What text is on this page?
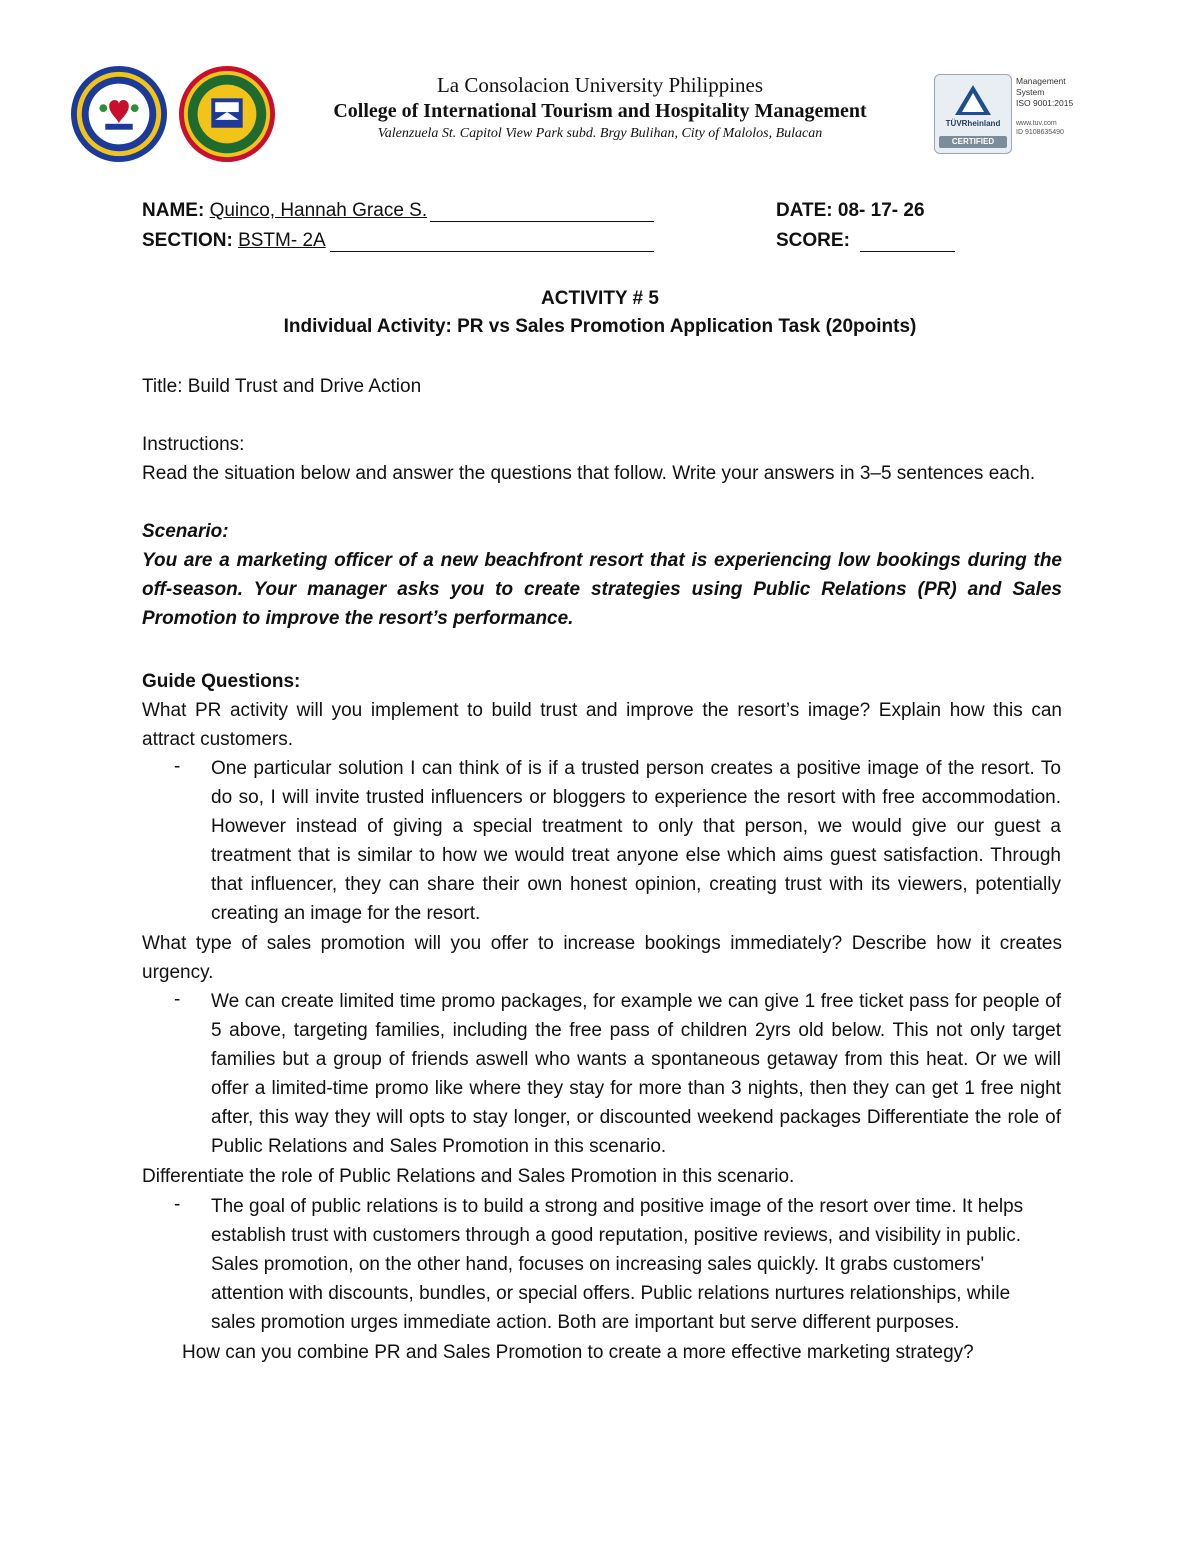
La Consolacion University Philippines
College of International Tourism and Hospitality Management
Valenzuela St. Capitol View Park subd. Brgy Bulihan, City of Malolos, Bulacan
TÜVRheinland
CERTIFIED
Management
System
ISO 9001:2015
www.tuv.com
ID 9108635490
NAME: Quinco, Hannah Grace S.
SECTION: BSTM- 2A
DATE: 08- 17- 26
SCORE:
ACTIVITY # 5
Individual Activity: PR vs Sales Promotion Application Task (20points)
Title: Build Trust and Drive Action
Instructions:
Read the situation below and answer the questions that follow. Write your answers in 3–5 sentences each.
Scenario:
You are a marketing officer of a new beachfront resort that is experiencing low bookings during the off-season. Your manager asks you to create strategies using Public Relations (PR) and Sales Promotion to improve the resort’s performance.
Guide Questions:
What PR activity will you implement to build trust and improve the resort’s image? Explain how this can attract customers.
- One particular solution I can think of is if a trusted person creates a positive image of the resort. To do so, I will invite trusted influencers or bloggers to experience the resort with free accommodation. However instead of giving a special treatment to only that person, we would give our guest a treatment that is similar to how we would treat anyone else which aims guest satisfaction. Through that influencer, they can share their own honest opinion, creating trust with its viewers, potentially creating an image for the resort.
What type of sales promotion will you offer to increase bookings immediately? Describe how it creates urgency.
- We can create limited time promo packages, for example we can give 1 free ticket pass for people of 5 above, targeting families, including the free pass of children 2yrs old below. This not only target families but a group of friends aswell who wants a spontaneous getaway from this heat. Or we will offer a limited-time promo like where they stay for more than 3 nights, then they can get 1 free night after, this way they will opts to stay longer, or discounted weekend packages Differentiate the role of Public Relations and Sales Promotion in this scenario.
Differentiate the role of Public Relations and Sales Promotion in this scenario.
- The goal of public relations is to build a strong and positive image of the resort over time. It helps establish trust with customers through a good reputation, positive reviews, and visibility in public. Sales promotion, on the other hand, focuses on increasing sales quickly. It grabs customers' attention with discounts, bundles, or special offers. Public relations nurtures relationships, while sales promotion urges immediate action. Both are important but serve different purposes.
How can you combine PR and Sales Promotion to create a more effective marketing strategy?
